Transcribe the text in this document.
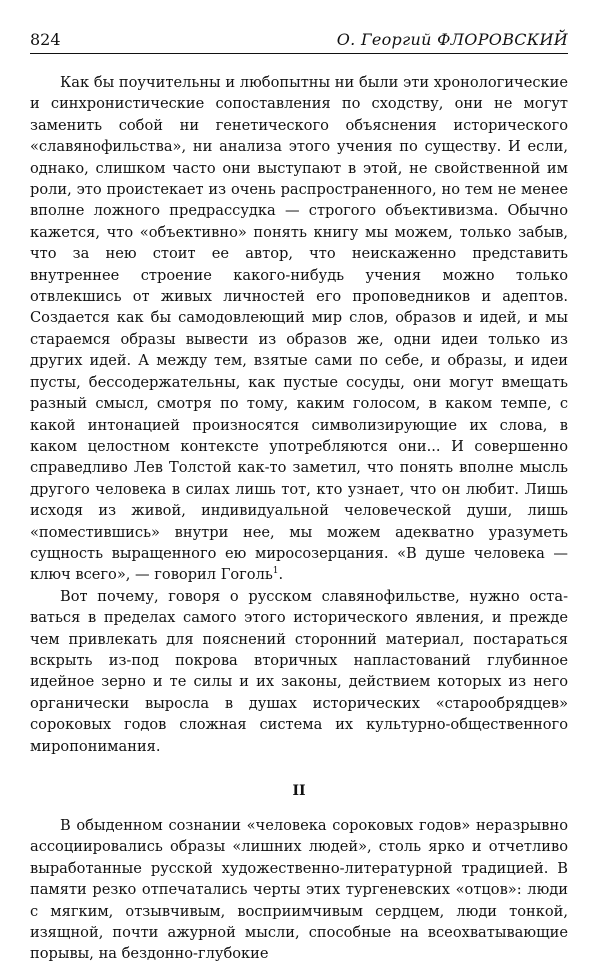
824	О. Георгий ФЛОРОВСКИЙ

Как бы поучительны и любопытны ни были эти хронологические и синхронистические сопоставления по сходству, они не могут заменить собой ни генетического объяснения исторического «славянофильства», ни анализа этого учения по существу. И если, однако, слишком часто они выступают в этой, не свойственной им роли, это проистекает из очень распространенного, но тем не менее вполне ложного предрассудка — строгого объективизма. Обычно кажется, что «объективно» понять книгу мы можем, только забыв, что за нею стоит ее автор, что неискаженно представить внутреннее строение какого-нибудь учения можно только отвлекшись от живых личностей его проповедников и адептов. Создается как бы самодовлеющий мир слов, образов и идей, и мы стараемся образы вывести из образов же, одни идеи только из других идей. А между тем, взятые сами по себе, и образы, и идеи пусты, бессодержательны, как пустые сосуды, они могут вмещать разный смысл, смотря по тому, каким голосом, в каком темпе, с какой интонацией произносятся символизирующие их слова, в каком целостном контексте употребляются они... И совершенно справедливо Лев Толстой как-то заметил, что понять вполне мысль другого человека в силах лишь тот, кто узнает, что он любит. Лишь исходя из живой, индивидуальной человеческой души, лишь «поместившись» внутри нее, мы можем адекватно уразуметь сущность выращенного ею миросозерцания. «В душе человека — ключ всего», — говорил Гоголь$^1$.

Вот почему, говоря о русском славянофильстве, нужно оставаться в пределах самого этого исторического явления, и прежде чем привлекать для пояснений сторонний материал, постараться вскрыть из-под покрова вторичных напластований глубинное идейное зерно и те силы и их законы, действием которых из него органически выросла в душах исторических «старообрядцев» сороковых годов сложная система их культурно-общественного миропонимания.

II

В обыденном сознании «человека сороковых годов» неразрывно ассоциировались образы «лишних людей», столь ярко и отчетливо выработанные русской художественно-литературной традицией. В памяти резко отпечатались черты этих тургеневских «отцов»: люди с мягким, отзывчивым, восприимчивым сердцем, люди тонкой, изящной, почти ажурной мысли, способные на всеохватывающие порывы, на бездонно-глубокие
